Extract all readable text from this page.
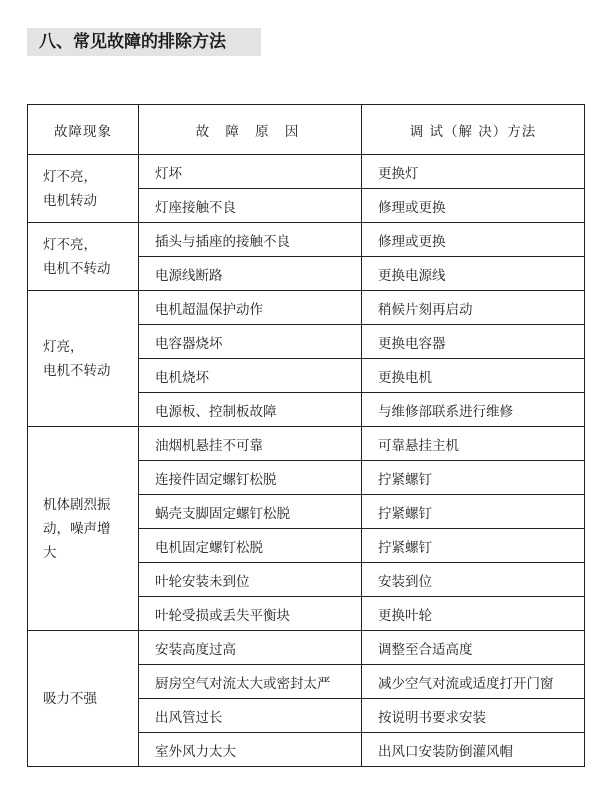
八、常见故障的排除方法
故障现象	故 障 原 因	调 试（解 决）方法

灯不亮，
电机转动	灯坏	更换灯
	灯座接触不良	修理或更换

灯不亮，
电机不转动	插头与插座的接触不良	修理或更换
	电源线断路	更换电源线

灯亮，
电机不转动	电机超温保护动作	稍候片刻再启动
	电容器烧坏	更换电容器
	电机烧坏	更换电机
	电源板、控制板故障	与维修部联系进行维修

机体剧烈振
动，噪声增
大	油烟机悬挂不可靠	可靠悬挂主机
	连接件固定螺钉松脱	拧紧螺钉
	蜗壳支脚固定螺钉松脱	拧紧螺钉
	电机固定螺钉松脱	拧紧螺钉
	叶轮安装未到位	安装到位
	叶轮受损或丢失平衡块	更换叶轮

吸力不强	安装高度过高	调整至合适高度
	厨房空气对流太大或密封太严	减少空气对流或适度打开门窗
	出风管过长	按说明书要求安装
	室外风力太大	出风口安装防倒灌风帽
